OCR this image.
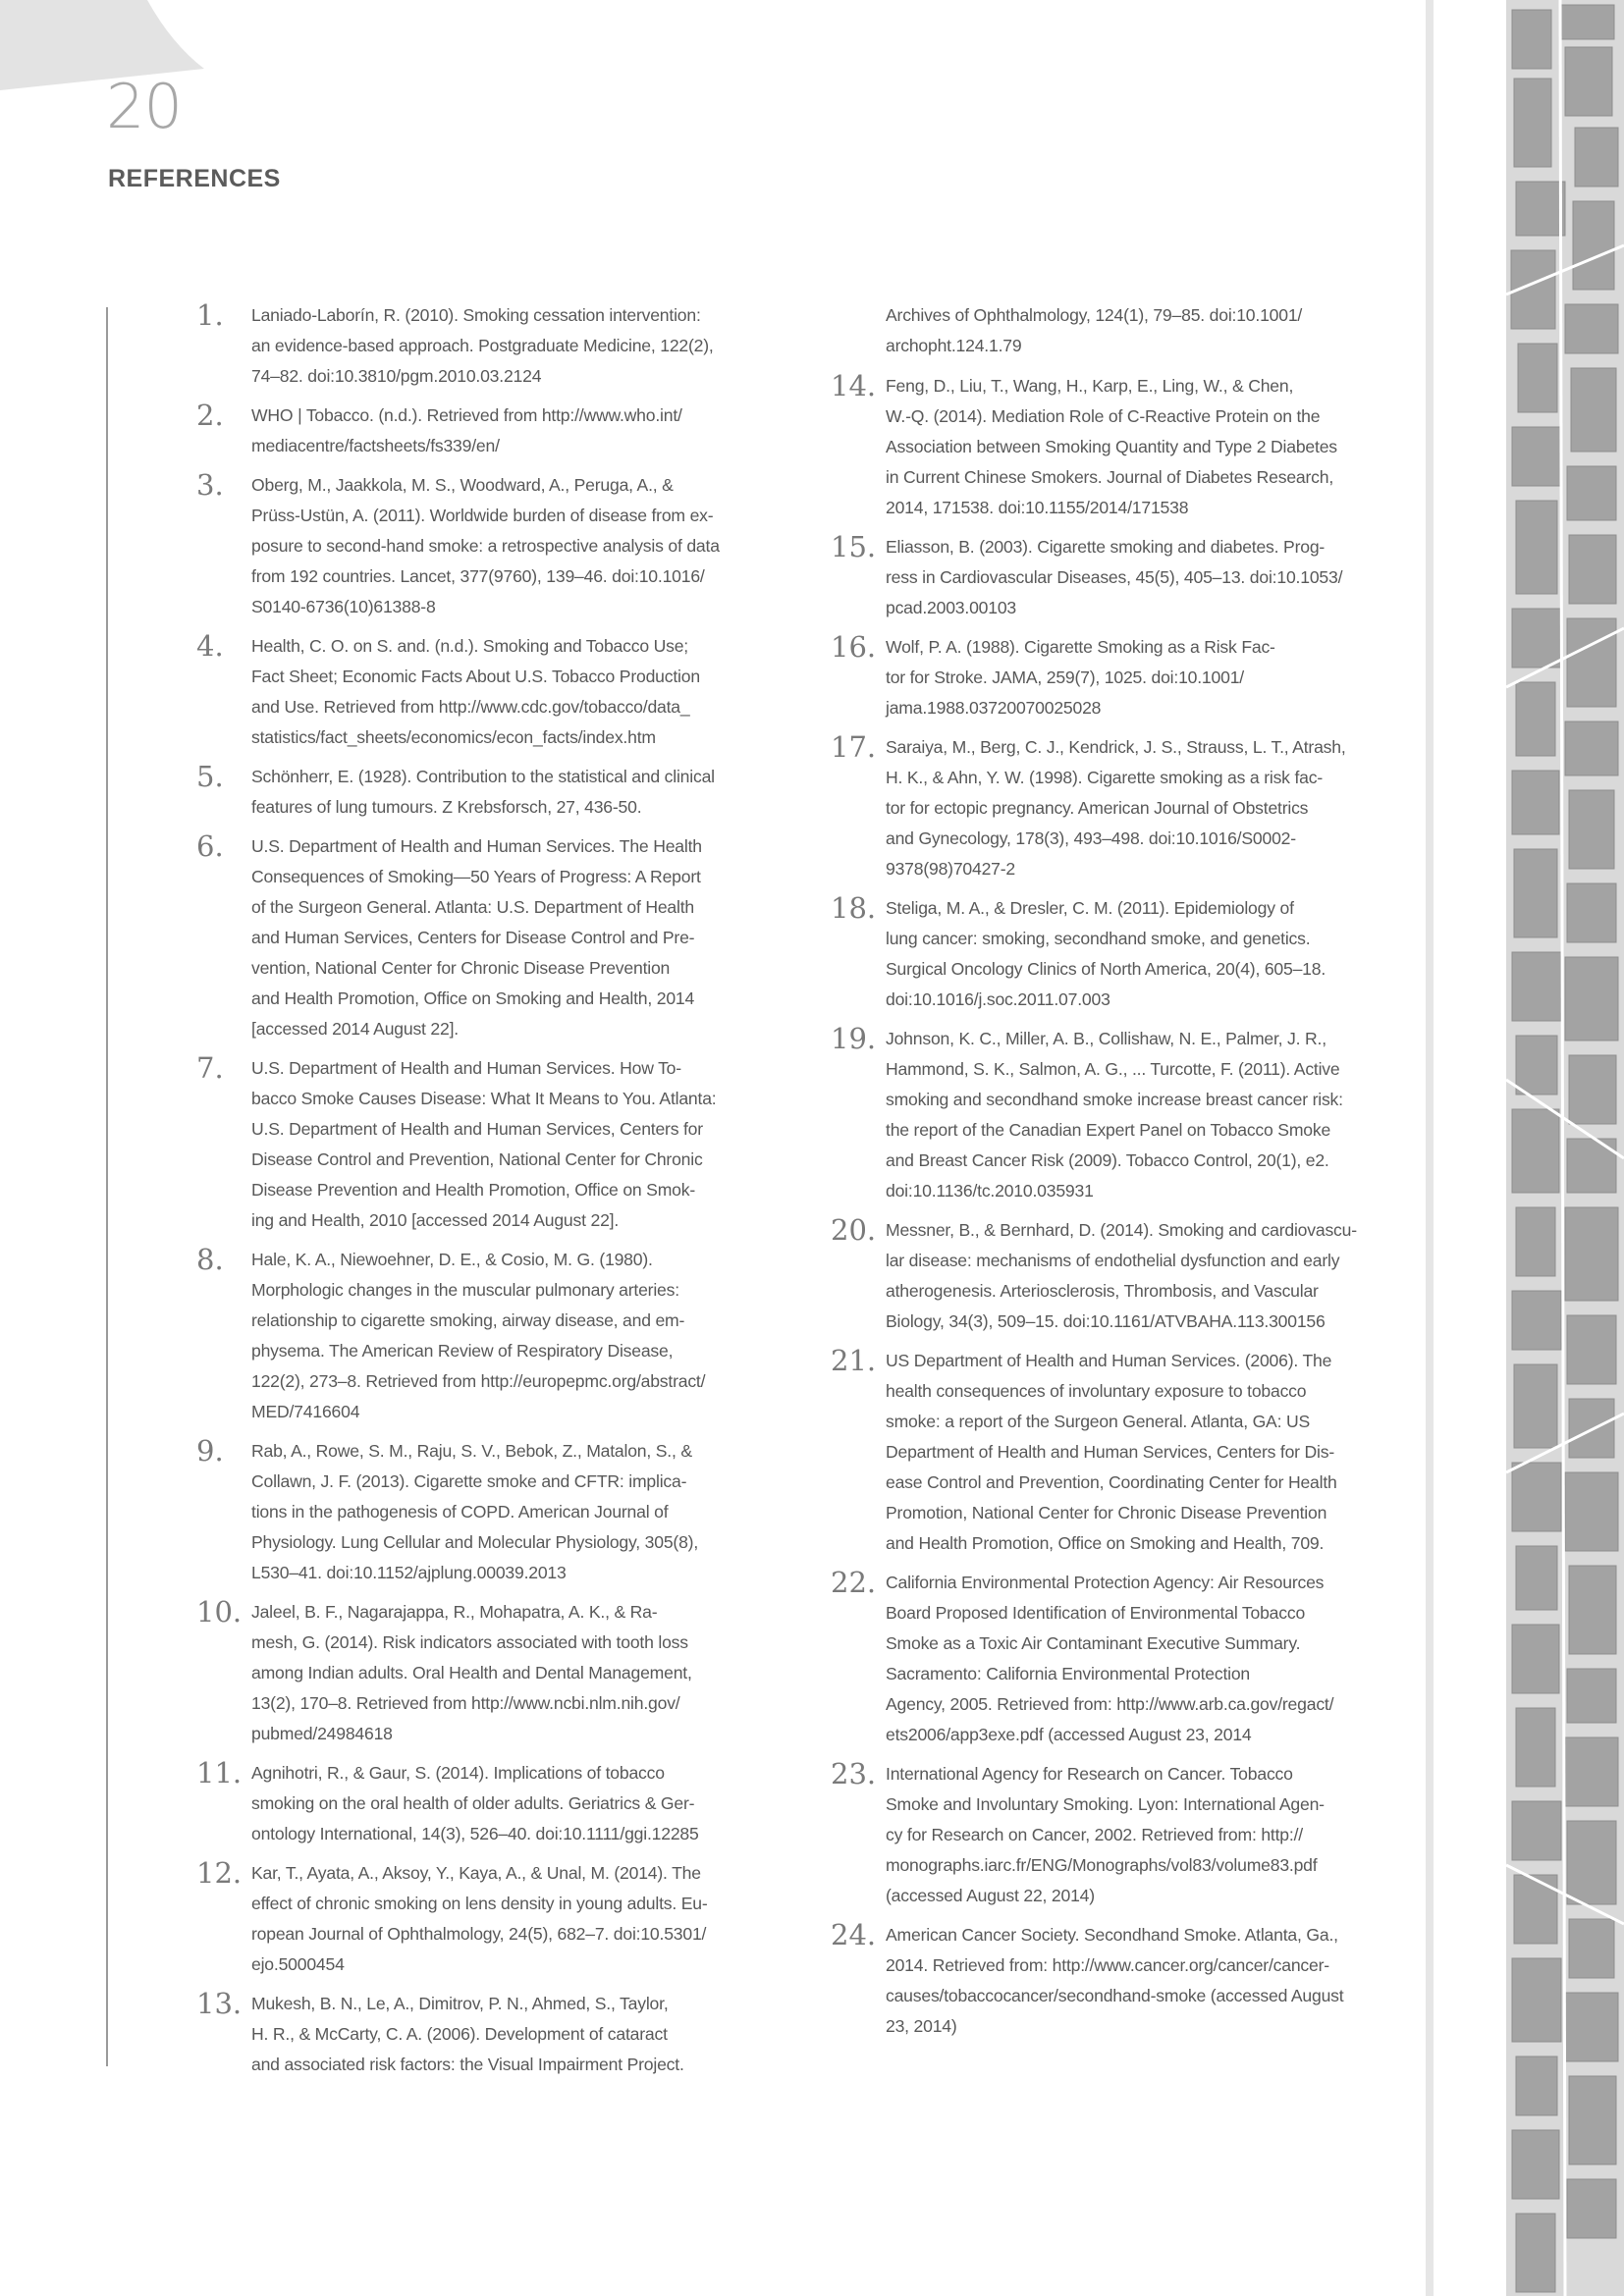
20
REFERENCES
1.	Laniado-Laborín, R. (2010). Smoking cessation intervention:
an evidence-based approach. Postgraduate Medicine, 122(2),
74–82. doi:10.3810/pgm.2010.03.2124
2.	WHO | Tobacco. (n.d.). Retrieved from http://www.who.int/
mediacentre/factsheets/fs339/en/
3.	Oberg, M., Jaakkola, M. S., Woodward, A., Peruga, A., &
Prüss-Ustün, A. (2011). Worldwide burden of disease from ex-
posure to second-hand smoke: a retrospective analysis of data
from 192 countries. Lancet, 377(9760), 139–46. doi:10.1016/
S0140-6736(10)61388-8
4.	Health, C. O. on S. and. (n.d.). Smoking and Tobacco Use;
Fact Sheet; Economic Facts About U.S. Tobacco Production
and Use. Retrieved from http://www.cdc.gov/tobacco/data_
statistics/fact_sheets/economics/econ_facts/index.htm
5.	Schönherr, E. (1928). Contribution to the statistical and clinical
features of lung tumours. Z Krebsforsch, 27, 436-50.
6.	U.S. Department of Health and Human Services. The Health
Consequences of Smoking—50 Years of Progress: A Report
of the Surgeon General. Atlanta: U.S. Department of Health
and Human Services, Centers for Disease Control and Pre-
vention, National Center for Chronic Disease Prevention
and Health Promotion, Office on Smoking and Health, 2014
[accessed 2014 August 22].
7.	U.S. Department of Health and Human Services. How To-
bacco Smoke Causes Disease: What It Means to You. Atlanta:
U.S. Department of Health and Human Services, Centers for
Disease Control and Prevention, National Center for Chronic
Disease Prevention and Health Promotion, Office on Smok-
ing and Health, 2010 [accessed 2014 August 22].
8.	Hale, K. A., Niewoehner, D. E., & Cosio, M. G. (1980).
Morphologic changes in the muscular pulmonary arteries:
relationship to cigarette smoking, airway disease, and em-
physema. The American Review of Respiratory Disease,
122(2), 273–8. Retrieved from http://europepmc.org/abstract/
MED/7416604
9.	Rab, A., Rowe, S. M., Raju, S. V., Bebok, Z., Matalon, S., &
Collawn, J. F. (2013). Cigarette smoke and CFTR: implica-
tions in the pathogenesis of COPD. American Journal of
Physiology. Lung Cellular and Molecular Physiology, 305(8),
L530–41. doi:10.1152/ajplung.00039.2013
10. Jaleel, B. F., Nagarajappa, R., Mohapatra, A. K., & Ra-
mesh, G. (2014). Risk indicators associated with tooth loss
among Indian adults. Oral Health and Dental Management,
13(2), 170–8. Retrieved from http://www.ncbi.nlm.nih.gov/
pubmed/24984618
11. Agnihotri, R., & Gaur, S. (2014). Implications of tobacco
smoking on the oral health of older adults. Geriatrics & Ger-
ontology International, 14(3), 526–40. doi:10.1111/ggi.12285
12. Kar, T., Ayata, A., Aksoy, Y., Kaya, A., & Unal, M. (2014). The
effect of chronic smoking on lens density in young adults. Eu-
ropean Journal of Ophthalmology, 24(5), 682–7. doi:10.5301/
ejo.5000454
13. Mukesh, B. N., Le, A., Dimitrov, P. N., Ahmed, S., Taylor,
H. R., & McCarty, C. A. (2006). Development of cataract
and associated risk factors: the Visual Impairment Project.
Archives of Ophthalmology, 124(1), 79–85. doi:10.1001/
archopht.124.1.79
14. Feng, D., Liu, T., Wang, H., Karp, E., Ling, W., & Chen,
W.-Q. (2014). Mediation Role of C-Reactive Protein on the
Association between Smoking Quantity and Type 2 Diabetes
in Current Chinese Smokers. Journal of Diabetes Research,
2014, 171538. doi:10.1155/2014/171538
15. Eliasson, B. (2003). Cigarette smoking and diabetes. Prog-
ress in Cardiovascular Diseases, 45(5), 405–13. doi:10.1053/
pcad.2003.00103
16. Wolf, P. A. (1988). Cigarette Smoking as a Risk Fac-
tor for Stroke. JAMA, 259(7), 1025. doi:10.1001/
jama.1988.03720070025028
17. Saraiya, M., Berg, C. J., Kendrick, J. S., Strauss, L. T., Atrash,
H. K., & Ahn, Y. W. (1998). Cigarette smoking as a risk fac-
tor for ectopic pregnancy. American Journal of Obstetrics
and Gynecology, 178(3), 493–498. doi:10.1016/S0002-
9378(98)70427-2
18. Steliga, M. A., & Dresler, C. M. (2011). Epidemiology of
lung cancer: smoking, secondhand smoke, and genetics.
Surgical Oncology Clinics of North America, 20(4), 605–18.
doi:10.1016/j.soc.2011.07.003
19. Johnson, K. C., Miller, A. B., Collishaw, N. E., Palmer, J. R.,
Hammond, S. K., Salmon, A. G., ... Turcotte, F. (2011). Active
smoking and secondhand smoke increase breast cancer risk:
the report of the Canadian Expert Panel on Tobacco Smoke
and Breast Cancer Risk (2009). Tobacco Control, 20(1), e2.
doi:10.1136/tc.2010.035931
20. Messner, B., & Bernhard, D. (2014). Smoking and cardiovascu-
lar disease: mechanisms of endothelial dysfunction and early
atherogenesis. Arteriosclerosis, Thrombosis, and Vascular
Biology, 34(3), 509–15. doi:10.1161/ATVBAHA.113.300156
21. US Department of Health and Human Services. (2006). The
health consequences of involuntary exposure to tobacco
smoke: a report of the Surgeon General. Atlanta, GA: US
Department of Health and Human Services, Centers for Dis-
ease Control and Prevention, Coordinating Center for Health
Promotion, National Center for Chronic Disease Prevention
and Health Promotion, Office on Smoking and Health, 709.
22. California Environmental Protection Agency: Air Resources
Board Proposed Identification of Environmental Tobacco
Smoke as a Toxic Air Contaminant Executive Summary.
Sacramento: California Environmental Protection
Agency, 2005. Retrieved from: http://www.arb.ca.gov/regact/
ets2006/app3exe.pdf (accessed August 23, 2014
23. International Agency for Research on Cancer. Tobacco
Smoke and Involuntary Smoking. Lyon: International Agen-
cy for Research on Cancer, 2002. Retrieved from: http://
monographs.iarc.fr/ENG/Monographs/vol83/volume83.pdf
(accessed August 22, 2014)
24. American Cancer Society. Secondhand Smoke. Atlanta, Ga.,
2014. Retrieved from: http://www.cancer.org/cancer/cancer-
causes/tobaccocancer/secondhand-smoke (accessed August
23, 2014)
